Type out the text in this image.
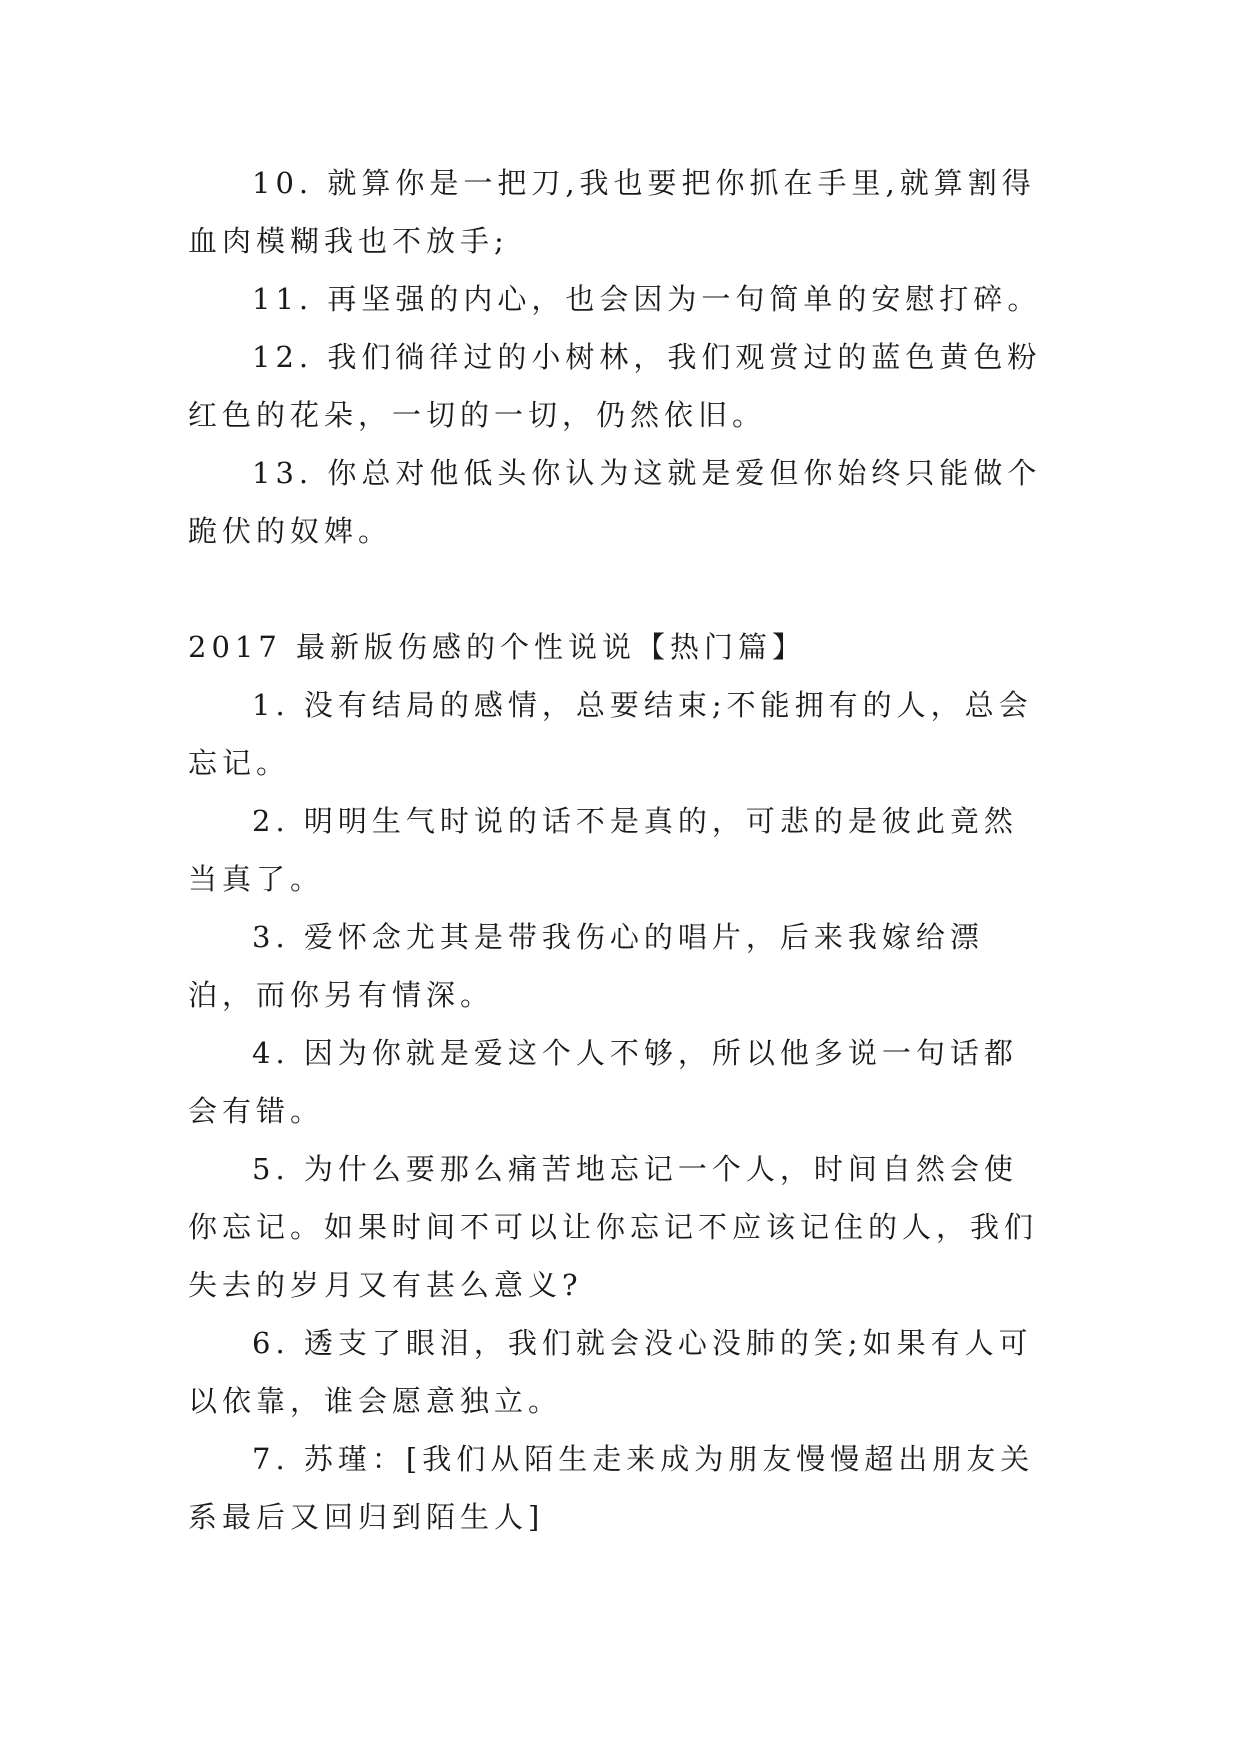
10. 就算你是一把刀,我也要把你抓在手里,就算割得血肉模糊我也不放手;

11. 再坚强的内心，也会因为一句简单的安慰打碎。

12. 我们徜徉过的小树林，我们观赏过的蓝色黄色粉红色的花朵，一切的一切，仍然依旧。

13. 你总对他低头你认为这就是爱但你始终只能做个跪伏的奴婢。

2017 最新版伤感的个性说说【热门篇】

1. 没有结局的感情，总要结束;不能拥有的人，总会忘记。

2. 明明生气时说的话不是真的，可悲的是彼此竟然当真了。

3. 爱怀念尤其是带我伤心的唱片，后来我嫁给漂泊，而你另有情深。

4. 因为你就是爱这个人不够，所以他多说一句话都会有错。

5. 为什么要那么痛苦地忘记一个人，时间自然会使你忘记。如果时间不可以让你忘记不应该记住的人，我们失去的岁月又有甚么意义?

6. 透支了眼泪，我们就会没心没肺的笑;如果有人可以依靠，谁会愿意独立。

7. 苏瑾：[我们从陌生走来成为朋友慢慢超出朋友关系最后又回归到陌生人]
